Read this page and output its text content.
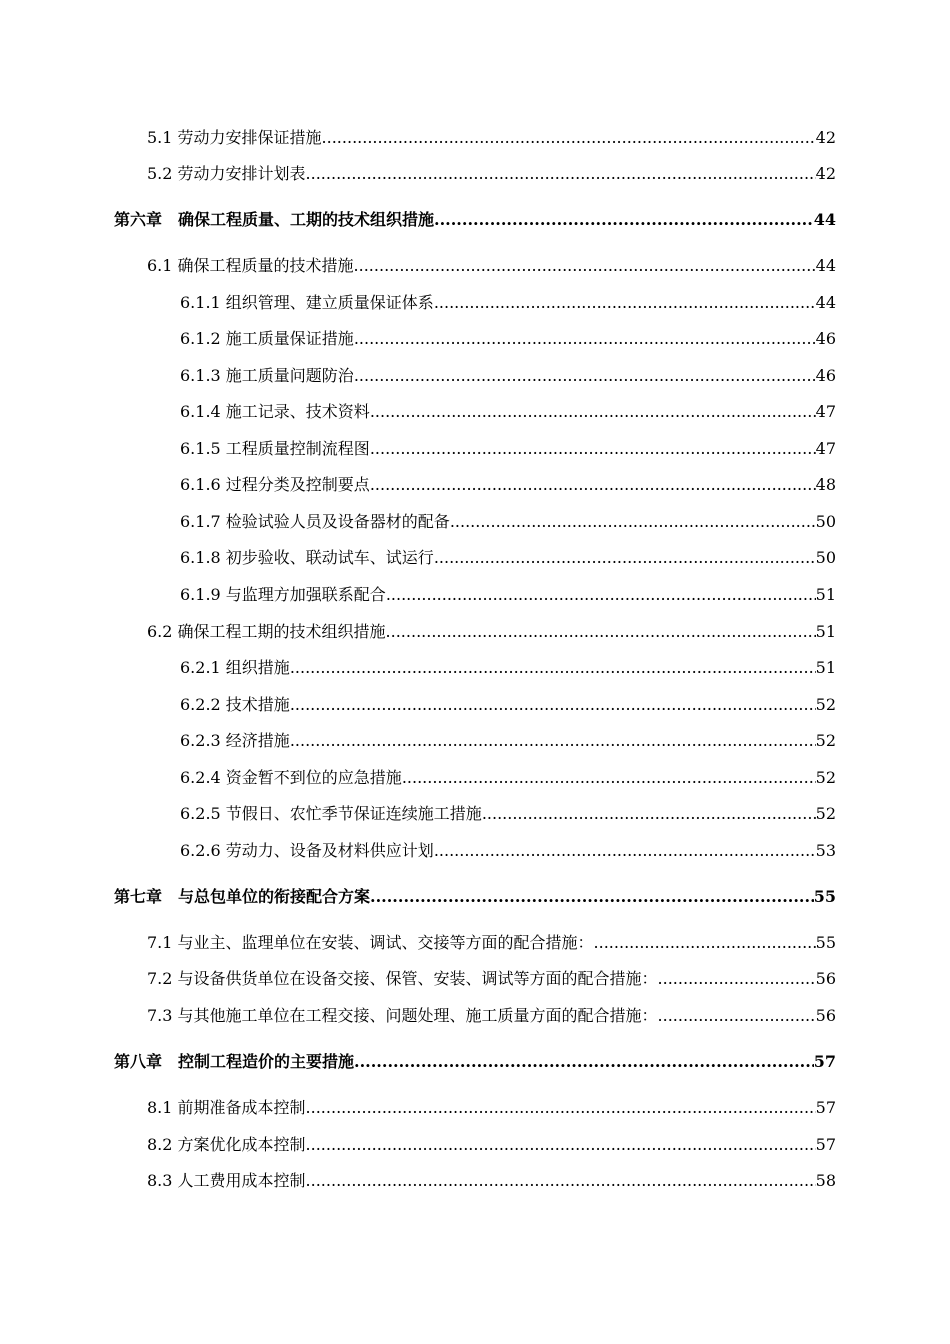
5.1 劳动力安排保证措施 .....	42
5.2 劳动力安排计划表 .....	42
第六章　确保工程质量、工期的技术组织措施 .....	44
6.1 确保工程质量的技术措施 .....	44
6.1.1 组织管理、建立质量保证体系 .....	44
6.1.2 施工质量保证措施 .....	46
6.1.3 施工质量问题防治 .....	46
6.1.4 施工记录、技术资料 .....	47
6.1.5 工程质量控制流程图 .....	47
6.1.6 过程分类及控制要点 .....	48
6.1.7 检验试验人员及设备器材的配备 .....	50
6.1.8 初步验收、联动试车、试运行 .....	50
6.1.9 与监理方加强联系配合 .....	51
6.2 确保工程工期的技术组织措施 .....	51
6.2.1 组织措施 .....	51
6.2.2 技术措施 .....	52
6.2.3 经济措施 .....	52
6.2.4 资金暂不到位的应急措施 .....	52
6.2.5 节假日、农忙季节保证连续施工措施 .....	52
6.2.6 劳动力、设备及材料供应计划 .....	53
第七章　与总包单位的衔接配合方案 .....	55
7.1 与业主、监理单位在安装、调试、交接等方面的配合措施： .....	55
7.2 与设备供货单位在设备交接、保管、安装、调试等方面的配合措施： .....	56
7.3 与其他施工单位在工程交接、问题处理、施工质量方面的配合措施： .....	56
第八章　控制工程造价的主要措施 .....	57
8.1 前期准备成本控制 .....	57
8.2 方案优化成本控制 .....	57
8.3 人工费用成本控制 .....	58
